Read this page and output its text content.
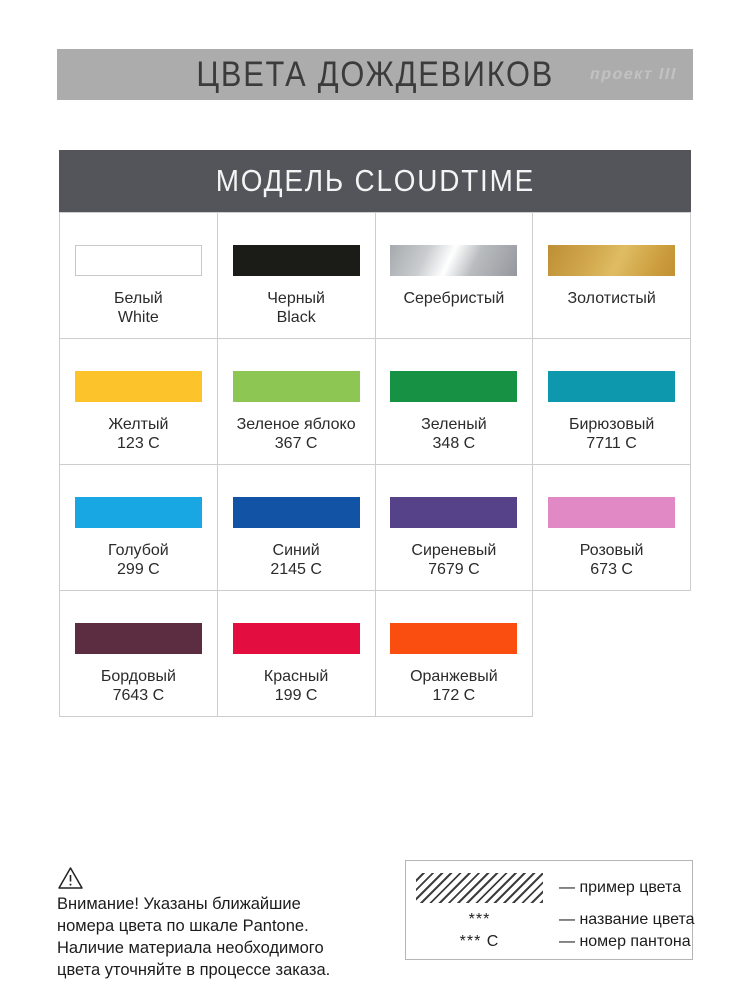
ЦВЕТА ДОЖДЕВИКОВ проект III
МОДЕЛЬ CLOUDTIME
Белый
White
Черный
Black
Серебристый	Золотистый
Желтый
123 C
Зеленое яблоко
367 C
Зеленый
348 C
Бирюзовый
7711 C
Голубой
299 C
Синий
2145 C
Сиреневый
7679 C
Розовый
673 C
Бордовый
7643 C
Красный
199 C
Оранжевый
172 C
Внимание! Указаны ближайшие
номера цвета по шкале Pantone.
Наличие материала необходимого
цвета уточняйте в процессе заказа.
***
*** C
— пример цвета
— название цвета
— номер пантона
